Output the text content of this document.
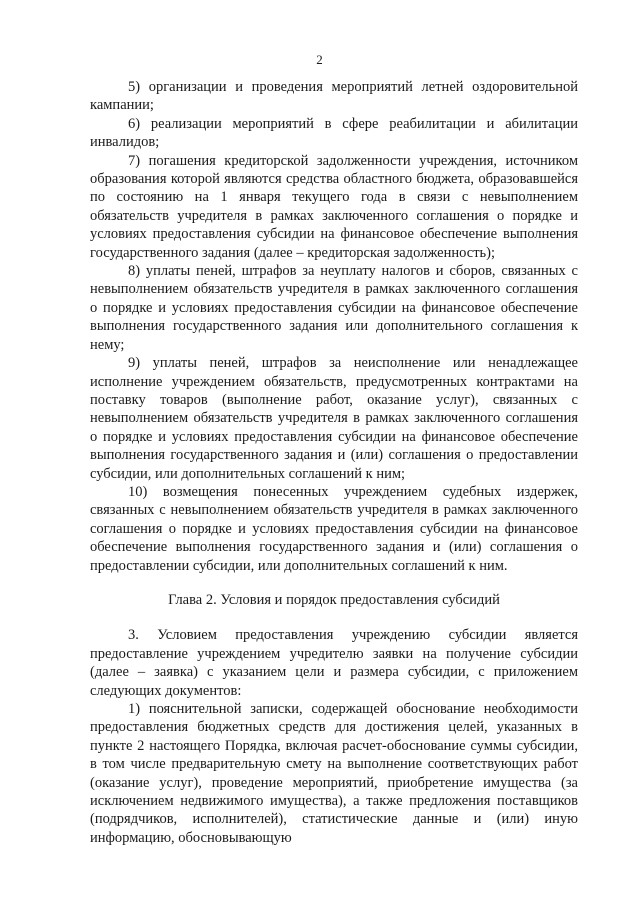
2

5) организации и проведения мероприятий летней оздоровительной кампании;

6) реализации мероприятий в сфере реабилитации и абилитации инвалидов;

7) погашения кредиторской задолженности учреждения, источником образования которой являются средства областного бюджета, образовавшейся по состоянию на 1 января текущего года в связи с невыполнением обязательств учредителя в рамках заключенного соглашения о порядке и условиях предоставления субсидии на финансовое обеспечение выполнения государственного задания (далее – кредиторская задолженность);

8) уплаты пеней, штрафов за неуплату налогов и сборов, связанных с невыполнением обязательств учредителя в рамках заключенного соглашения о порядке и условиях предоставления субсидии на финансовое обеспечение выполнения государственного задания или дополнительного соглашения к нему;

9) уплаты пеней, штрафов за неисполнение или ненадлежащее исполнение учреждением обязательств, предусмотренных контрактами на поставку товаров (выполнение работ, оказание услуг), связанных с невыполнением обязательств учредителя в рамках заключенного соглашения о порядке и условиях предоставления субсидии на финансовое обеспечение выполнения государственного задания и (или) соглашения о предоставлении субсидии, или дополнительных соглашений к ним;

10) возмещения понесенных учреждением судебных издержек, связанных с невыполнением обязательств учредителя в рамках заключенного соглашения о порядке и условиях предоставления субсидии на финансовое обеспечение выполнения государственного задания и (или) соглашения о предоставлении субсидии, или дополнительных соглашений к ним.

Глава 2. Условия и порядок предоставления субсидий

3. Условием предоставления учреждению субсидии является предоставление учреждением учредителю заявки на получение субсидии (далее – заявка) с указанием цели и размера субсидии, с приложением следующих документов:

1) пояснительной записки, содержащей обоснование необходимости предоставления бюджетных средств для достижения целей, указанных в пункте 2 настоящего Порядка, включая расчет-обоснование суммы субсидии, в том числе предварительную смету на выполнение соответствующих работ (оказание услуг), проведение мероприятий, приобретение имущества (за исключением недвижимого имущества), а также предложения поставщиков (подрядчиков, исполнителей), статистические данные и (или) иную информацию, обосновывающую
